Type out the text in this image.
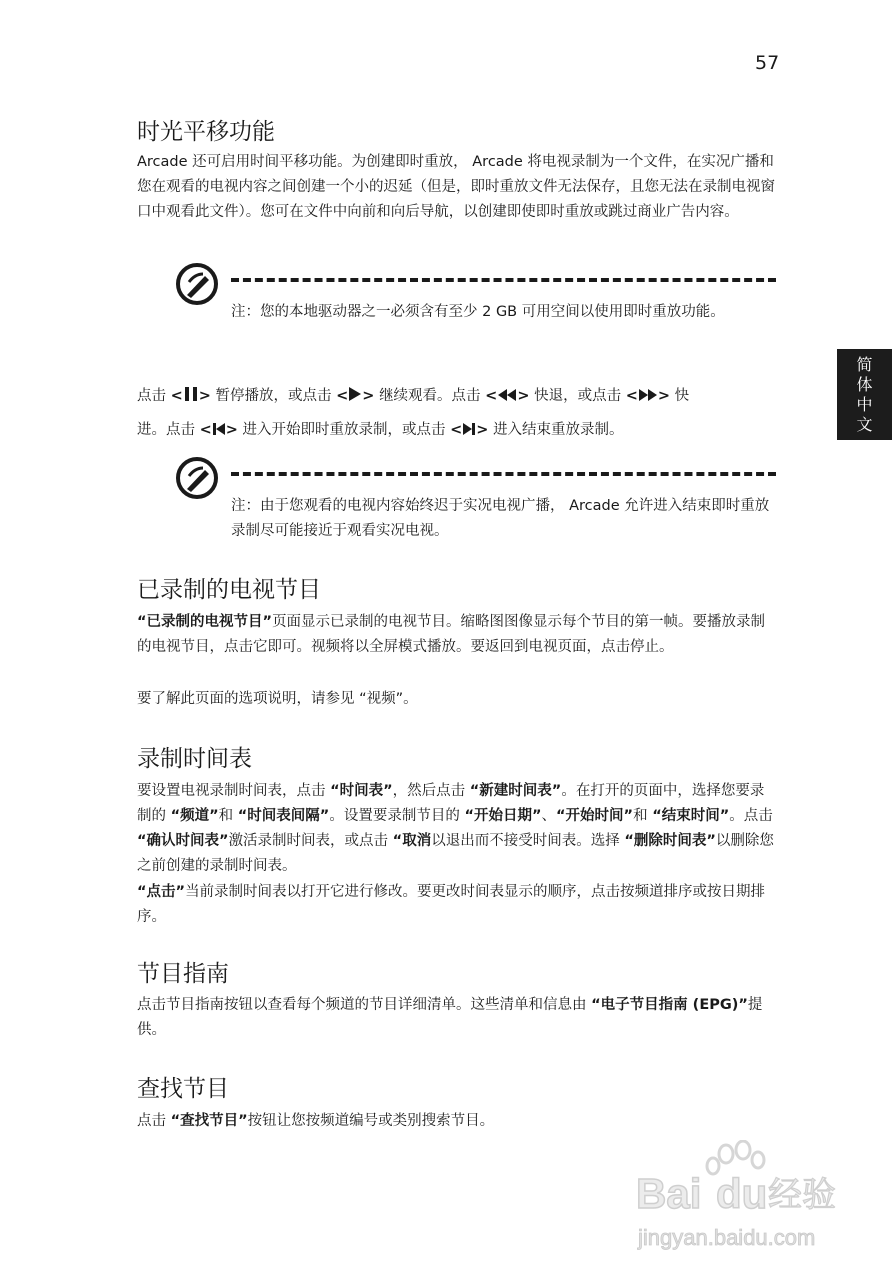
57
简
体
中
文
时光平移功能

Arcade 还可启用时间平移功能。为创建即时重放， Arcade 将电视录制为一个文件，在实况广播和您在观看的电视内容之间创建一个小的迟延（但是，即时重放文件无法保存，且您无法在录制电视窗口中观看此文件）。您可在文件中向前和向后导航，以创建即使即时重放或跳过商业广告内容。

注：您的本地驱动器之一必须含有至少 2 GB 可用空间以使用即时重放功能。

点击 < > 暂停播放，或点击 < > 继续观看。点击 < > 快退，或点击 < > 快
进。点击 < > 进入开始即时重放录制，或点击 < > 进入结束重放录制。

注：由于您观看的电视内容始终迟于实况电视广播， Arcade 允许进入结束即时重放录制尽可能接近于观看实况电视。

已录制的电视节目

“已录制的电视节目”页面显示已录制的电视节目。缩略图图像显示每个节目的第一帧。要播放录制的电视节目，点击它即可。视频将以全屏模式播放。要返回到电视页面，点击停止。

要了解此页面的选项说明，请参见 “视频”。

录制时间表

要设置电视录制时间表，点击 “时间表”，然后点击 “新建时间表”。在打开的页面中，选择您要录制的 “频道”和 “时间表间隔”。设置要录制节目的 “开始日期”、“开始时间”和 “结束时间”。点击 “确认时间表”激活录制时间表，或点击 “取消以退出而不接受时间表。选择 “删除时间表”以删除您之前创建的录制时间表。

“点击”当前录制时间表以打开它进行修改。要更改时间表显示的顺序，点击按频道排序或按日期排序。

节目指南

点击节目指南按钮以查看每个频道的节目详细清单。这些清单和信息由 “电子节目指南 (EPG)”提供。

查找节目

点击 “查找节目”按钮让您按频道编号或类别搜索节目。

Bai du 经验
jingyan.baidu.com
